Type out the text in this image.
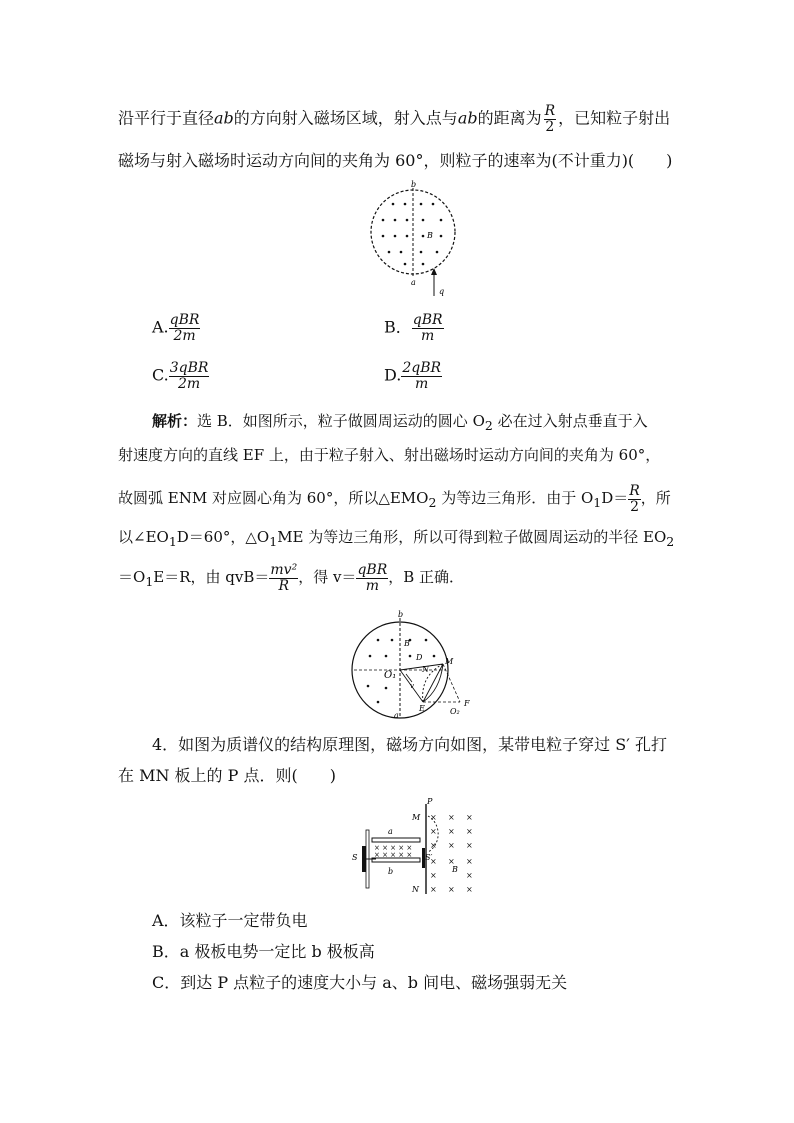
沿平行于直径ab的方向射入磁场区域，射入点与ab的距离为 $\frac{R}{2}$ ，已知粒子射出
磁场与射入磁场时运动方向间的夹角为 60°，则粒子的速率为(不计重力)(　　)
b
B
a
q
A. $\frac{\text{qBR}}{2m}$	B． $\frac{\text{qBR}}{m}$
C. $\frac{\text{3qBR}}{2m}$	D. $\frac{\text{2qBR}}{m}$
解析：选 B．如图所示，粒子做圆周运动的圆心 $O_2$ 必在过入射点垂直于入
射速度方向的直线 EF 上，由于粒子射入、射出磁场时运动方向间的夹角为 60°，
故圆弧 ENM 对应圆心角为 60°，所以$\triangle EMO_2$ 为等边三角形．由于 $O_1D= \frac{R}{2}$ ，所
以$\angle EO_1D=60^\circ$，$\triangle O_1ME$ 为等边三角形，所以可得到粒子做圆周运动的半径 $EO_2$
$=O_1E=R$，由 $qvB= \frac{\text{mv²}}{R}$ ，得 $v= \frac{\text{qBR}}{m}$ ，B 正确．
b
B
D	M
N
O₁
v
E
a	O₂
F
4．如图为质谱仪的结构原理图，磁场方向如图，某带电粒子穿过 S′ 孔打
在 MN 板上的 P 点．则(　　)
× × × × ×
× × × × ×
× × ×
× × ×
× × ×
× × ×
×	×
× × ×
P
M
a
S	S′
b
N
B
A．该粒子一定带负电
B．a 极板电势一定比 b 极板高
C．到达 P 点粒子的速度大小与 a、b 间电、磁场强弱无关
